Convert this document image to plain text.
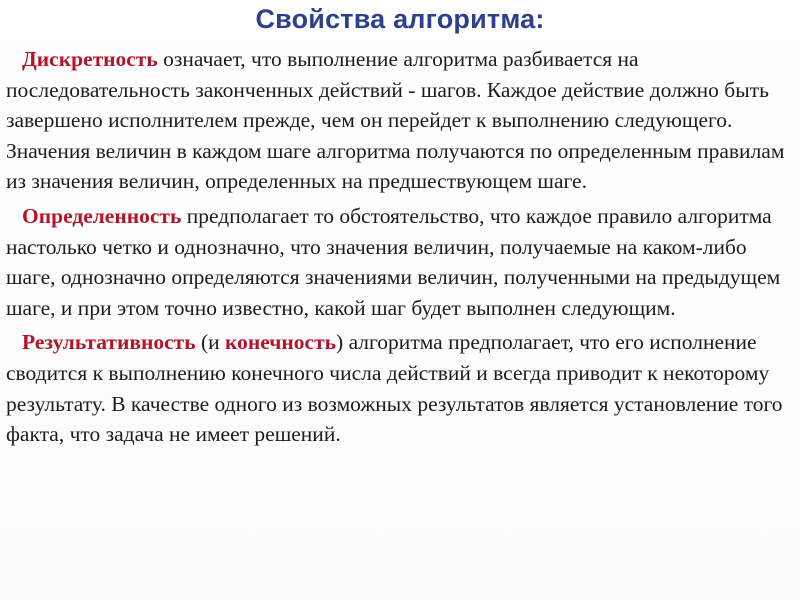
Свойства алгоритма:

Дискретность означает, что выполнение алгоритма разбивается на последовательность законченных действий - шагов. Каждое действие должно быть завершено исполнителем прежде, чем он перейдет к выполнению следующего. Значения величин в каждом шаге алгоритма получаются по определенным правилам из значения величин, определенных на предшествующем шаге.

Определенность предполагает то обстоятельство, что каждое правило алгоритма настолько четко и однозначно, что значения величин, получаемые на каком-либо шаге, однозначно определяются значениями величин, полученными на предыдущем шаге, и при этом точно известно, какой шаг будет выполнен следующим.

Результативность (и конечность) алгоритма предполагает, что его исполнение сводится к выполнению конечного числа действий и всегда приводит к некоторому результату. В качестве одного из возможных результатов является установление того факта, что задача не имеет решений.
